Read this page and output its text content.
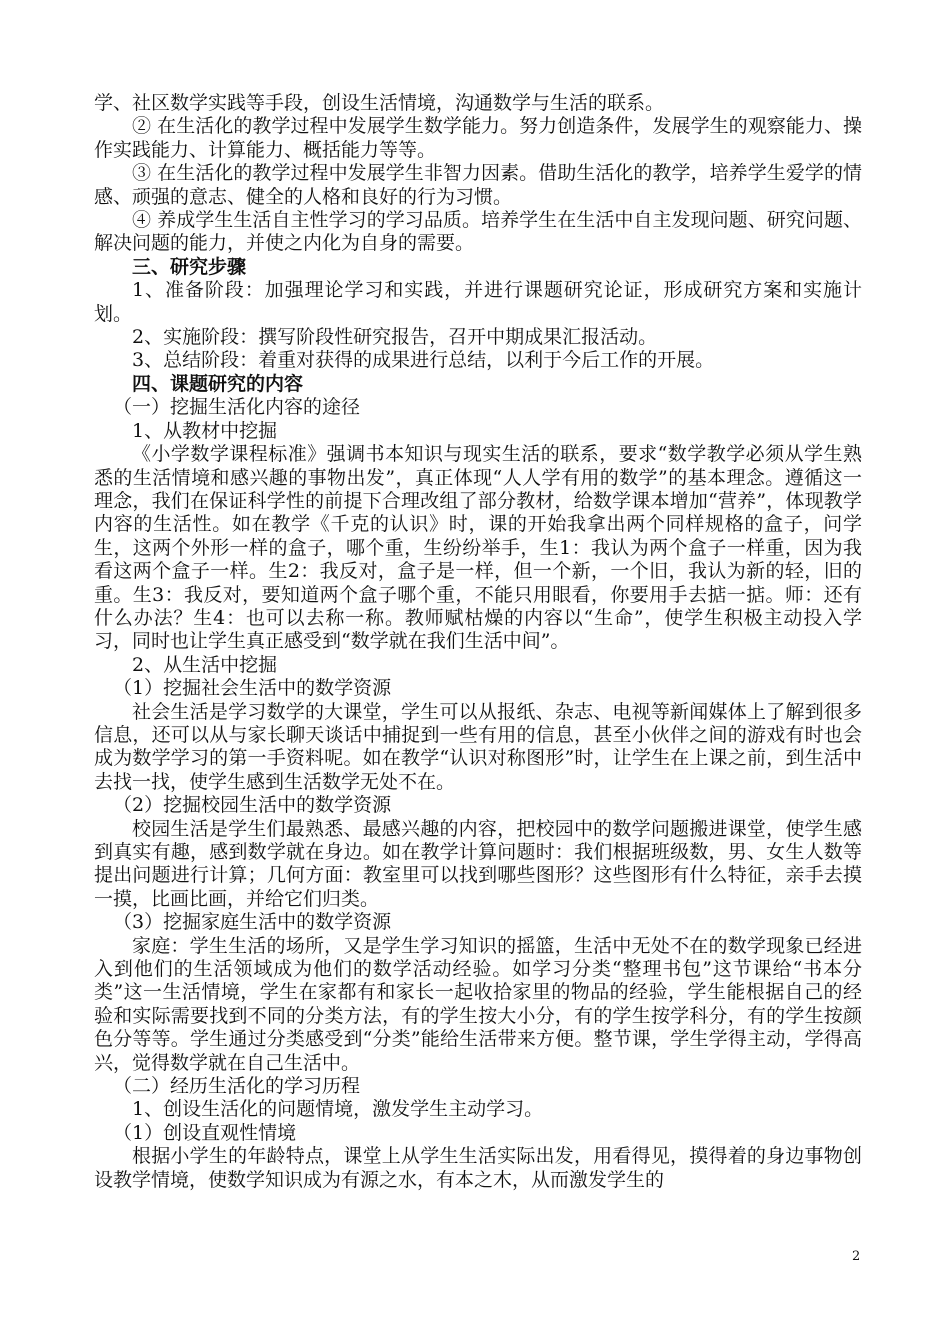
学、社区数学实践等手段，创设生活情境，沟通数学与生活的联系。

② 在生活化的教学过程中发展学生数学能力。努力创造条件，发展学生的观察能力、操作实践能力、计算能力、概括能力等等。

③ 在生活化的教学过程中发展学生非智力因素。借助生活化的教学，培养学生爱学的情感、顽强的意志、健全的人格和良好的行为习惯。

④ 养成学生生活自主性学习的学习品质。培养学生在生活中自主发现问题、研究问题、解决问题的能力，并使之内化为自身的需要。

三、研究步骤

1、准备阶段：加强理论学习和实践，并进行课题研究论证，形成研究方案和实施计划。

2、实施阶段：撰写阶段性研究报告，召开中期成果汇报活动。

3、总结阶段：着重对获得的成果进行总结，以利于今后工作的开展。

四、课题研究的内容

（一）挖掘生活化内容的途径

1、从教材中挖掘

《小学数学课程标准》强调书本知识与现实生活的联系，要求“数学教学必须从学生熟悉的生活情境和感兴趣的事物出发”，真正体现“人人学有用的数学”的基本理念。遵循这一理念，我们在保证科学性的前提下合理改组了部分教材，给数学课本增加“营养”，体现教学内容的生活性。如在教学《千克的认识》时，课的开始我拿出两个同样规格的盒子，问学生，这两个外形一样的盒子，哪个重，生纷纷举手，生1：我认为两个盒子一样重，因为我看这两个盒子一样。生2：我反对，盒子是一样，但一个新，一个旧，我认为新的轻，旧的重。生3：我反对，要知道两个盒子哪个重，不能只用眼看，你要用手去掂一掂。师：还有什么办法？生4：也可以去称一称。教师赋枯燥的内容以“生命”，使学生积极主动投入学习，同时也让学生真正感受到“数学就在我们生活中间”。

2、从生活中挖掘

（1）挖掘社会生活中的数学资源

社会生活是学习数学的大课堂，学生可以从报纸、杂志、电视等新闻媒体上了解到很多信息，还可以从与家长聊天谈话中捕捉到一些有用的信息，甚至小伙伴之间的游戏有时也会成为数学学习的第一手资料呢。如在教学“认识对称图形”时，让学生在上课之前，到生活中去找一找，使学生感到生活数学无处不在。

（2）挖掘校园生活中的数学资源

校园生活是学生们最熟悉、最感兴趣的内容，把校园中的数学问题搬进课堂，使学生感到真实有趣，感到数学就在身边。如在教学计算问题时：我们根据班级数，男、女生人数等提出问题进行计算；几何方面：教室里可以找到哪些图形？这些图形有什么特征，亲手去摸一摸，比画比画，并给它们归类。

（3）挖掘家庭生活中的数学资源

家庭：学生生活的场所，又是学生学习知识的摇篮，生活中无处不在的数学现象已经进入到他们的生活领域成为他们的数学活动经验。如学习分类“整理书包”这节课给“书本分类”这一生活情境，学生在家都有和家长一起收拾家里的物品的经验，学生能根据自己的经验和实际需要找到不同的分类方法，有的学生按大小分，有的学生按学科分，有的学生按颜色分等等。学生通过分类感受到“分类”能给生活带来方便。整节课，学生学得主动，学得高兴，觉得数学就在自己生活中。

（二）经历生活化的学习历程

1、创设生活化的问题情境，激发学生主动学习。

（1）创设直观性情境

根据小学生的年龄特点，课堂上从学生生活实际出发，用看得见，摸得着的身边事物创设教学情境，使数学知识成为有源之水，有本之木，从而激发学生的

2
